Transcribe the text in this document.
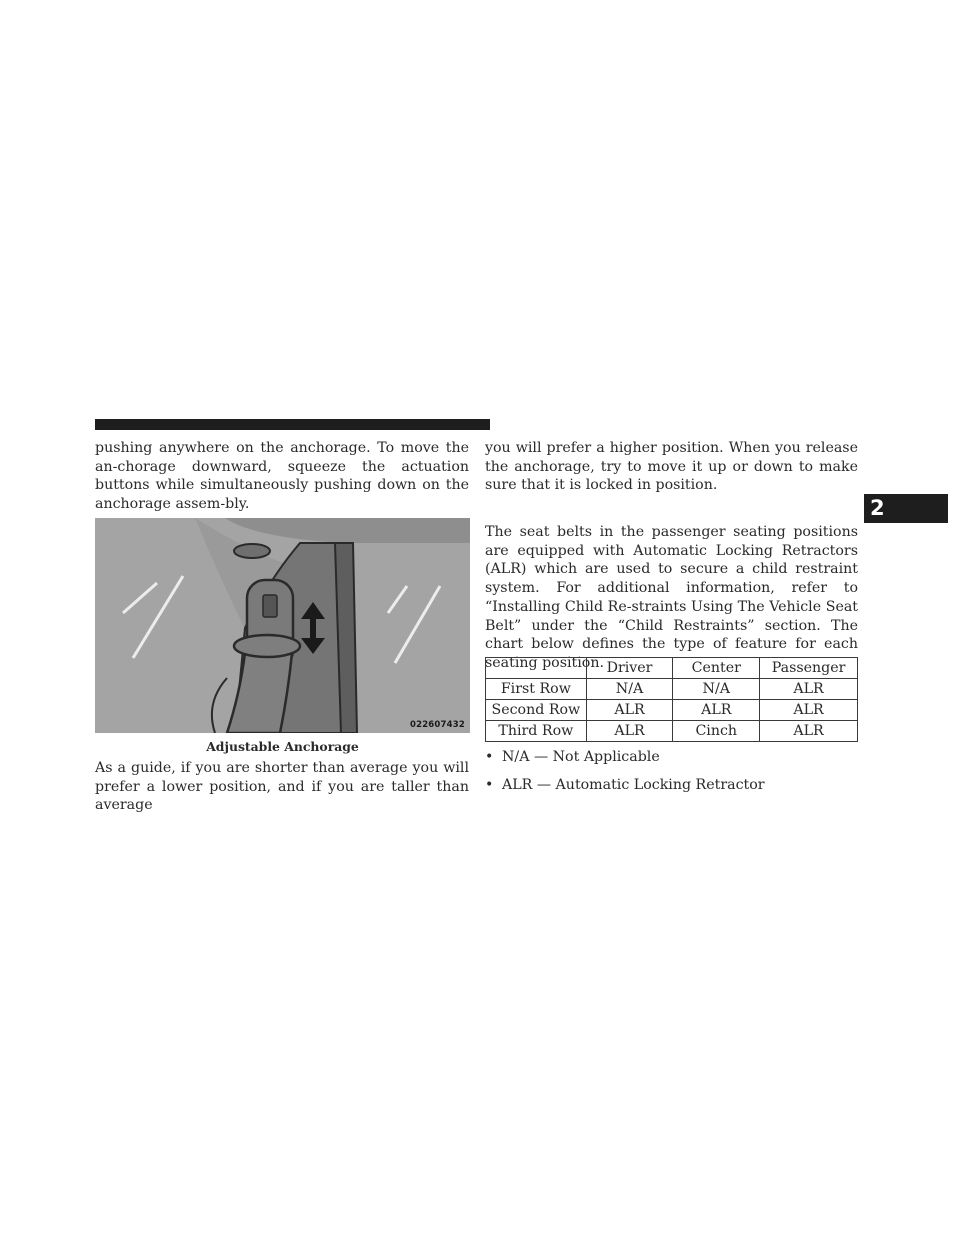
2

pushing anywhere on the anchorage. To move the an-chorage downward, squeeze the actuation buttons while simultaneously pushing down on the anchorage assem-bly.

022607432
Adjustable Anchorage

As a guide, if you are shorter than average you will prefer a lower position, and if you are taller than average

you will prefer a higher position. When you release the anchorage, try to move it up or down to make sure that it is locked in position.

The seat belts in the passenger seating positions are equipped with Automatic Locking Retractors (ALR) which are used to secure a child restraint system. For additional information, refer to “Installing Child Re-straints Using The Vehicle Seat Belt” under the “Child Restraints” section. The chart below defines the type of feature for each seating position.

	Driver	Center	Passenger
First Row	N/A	N/A	ALR
Second Row	ALR	ALR	ALR
Third Row	ALR	Cinch	ALR
• N/A — Not Applicable
• ALR — Automatic Locking Retractor
